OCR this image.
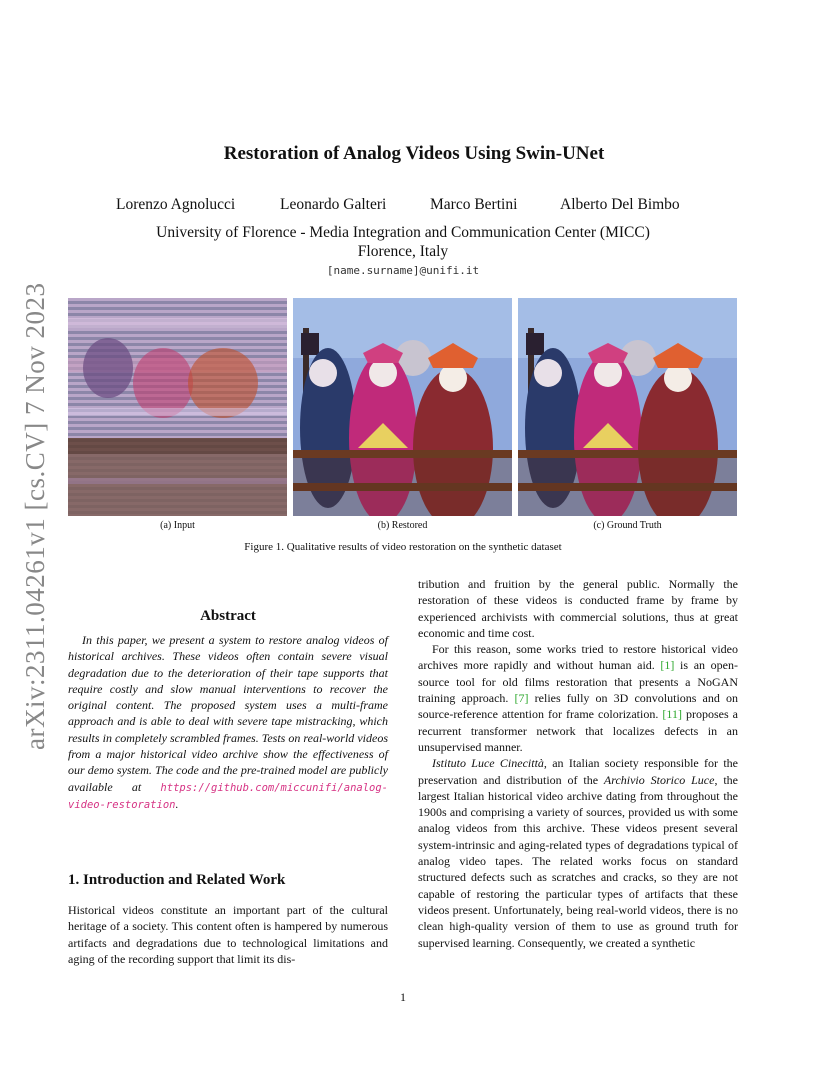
arXiv:2311.04261v1 [cs.CV] 7 Nov 2023
Restoration of Analog Videos Using Swin-UNet
Lorenzo Agnolucci	Leonardo Galteri	Marco Bertini	Alberto Del Bimbo
University of Florence - Media Integration and Communication Center (MICC)
Florence, Italy
[name.surname]@unifi.it
(a) Input	(b) Restored	(c) Ground Truth
Figure 1. Qualitative results of video restoration on the synthetic dataset
Abstract

In this paper, we present a system to restore analog videos of historical archives. These videos often contain severe visual degradation due to the deterioration of their tape supports that require costly and slow manual interventions to recover the original content. The proposed system uses a multi-frame approach and is able to deal with severe tape mistracking, which results in completely scrambled frames. Tests on real-world videos from a major historical video archive show the effectiveness of our demo system. The code and the pre-trained model are publicly available at https://github.com/miccunifi/analog-video-restoration.

1. Introduction and Related Work

Historical videos constitute an important part of the cultural heritage of a society. This content often is hampered by numerous artifacts and degradations due to technological limitations and aging of the recording support that limit its dis-

tribution and fruition by the general public. Normally the restoration of these videos is conducted frame by frame by experienced archivists with commercial solutions, thus at great economic and time cost.

For this reason, some works tried to restore historical video archives more rapidly and without human aid. [1] is an open-source tool for old films restoration that presents a NoGAN training approach. [7] relies fully on 3D convolutions and on source-reference attention for frame colorization. [11] proposes a recurrent transformer network that localizes defects in an unsupervised manner.

Istituto Luce Cinecittà, an Italian society responsible for the preservation and distribution of the Archivio Storico Luce, the largest Italian historical video archive dating from throughout the 1900s and comprising a variety of sources, provided us with some analog videos from this archive. These videos present several system-intrinsic and aging-related types of degradations typical of analog video tapes. The related works focus on standard structured defects such as scratches and cracks, so they are not capable of restoring the particular types of artifacts that these videos present. Unfortunately, being real-world videos, there is no clean high-quality version of them to use as ground truth for supervised learning. Consequently, we created a synthetic

1
